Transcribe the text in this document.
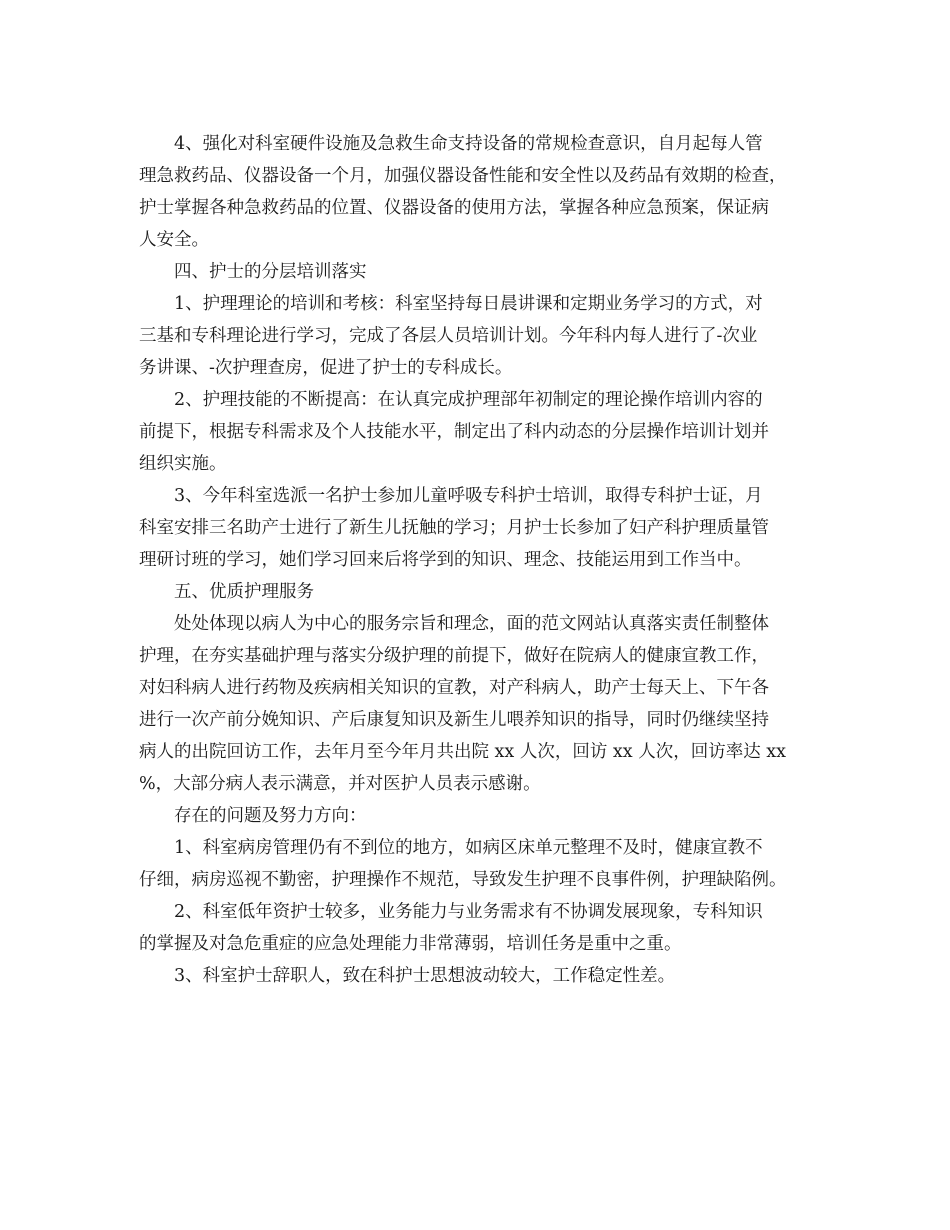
4、强化对科室硬件设施及急救生命支持设备的常规检查意识，自月起每人管
理急救药品、仪器设备一个月，加强仪器设备性能和安全性以及药品有效期的检查，
护士掌握各种急救药品的位置、仪器设备的使用方法，掌握各种应急预案，保证病
人安全。
四、护士的分层培训落实
1、护理理论的培训和考核：科室坚持每日晨讲课和定期业务学习的方式，对
三基和专科理论进行学习，完成了各层人员培训计划。今年科内每人进行了-次业
务讲课、-次护理查房，促进了护士的专科成长。
2、护理技能的不断提高：在认真完成护理部年初制定的理论操作培训内容的
前提下，根据专科需求及个人技能水平，制定出了科内动态的分层操作培训计划并
组织实施。
3、今年科室选派一名护士参加儿童呼吸专科护士培训，取得专科护士证，月
科室安排三名助产士进行了新生儿抚触的学习；月护士长参加了妇产科护理质量管
理研讨班的学习，她们学习回来后将学到的知识、理念、技能运用到工作当中。
五、优质护理服务
处处体现以病人为中心的服务宗旨和理念，面的范文网站认真落实责任制整体
护理，在夯实基础护理与落实分级护理的前提下，做好在院病人的健康宣教工作，
对妇科病人进行药物及疾病相关知识的宣教，对产科病人，助产士每天上、下午各
进行一次产前分娩知识、产后康复知识及新生儿喂养知识的指导，同时仍继续坚持
病人的出院回访工作，去年月至今年月共出院 xx 人次，回访 xx 人次，回访率达 xx
%，大部分病人表示满意，并对医护人员表示感谢。
存在的问题及努力方向：
1、科室病房管理仍有不到位的地方，如病区床单元整理不及时，健康宣教不
仔细，病房巡视不勤密，护理操作不规范，导致发生护理不良事件例，护理缺陷例。
2、科室低年资护士较多，业务能力与业务需求有不协调发展现象，专科知识
的掌握及对急危重症的应急处理能力非常薄弱，培训任务是重中之重。
3、科室护士辞职人，致在科护士思想波动较大，工作稳定性差。
